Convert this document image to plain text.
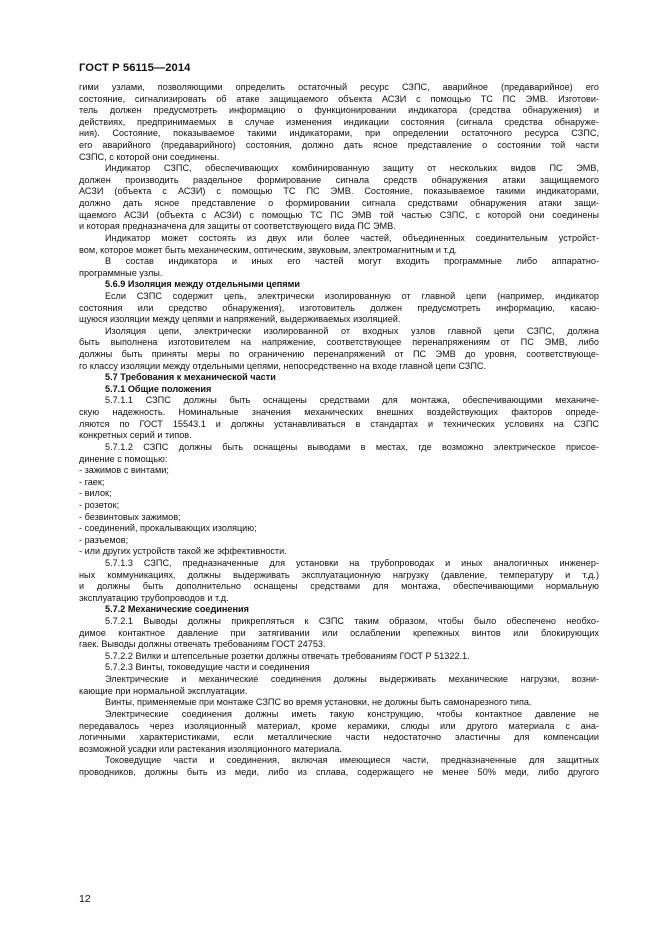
ГОСТ Р 56115—2014
гими узлами, позволяющими определить остаточный ресурс СЗПС, аварийное (предаварийное) его
состояние, сигнализировать об атаке защищаемого объекта АСЗИ с помощью ТС ПС ЭМВ. Изготови-
тель должен предусмотреть информацию о функционировании индикатора (средства обнаружения) и
действиях, предпринимаемых в случае изменения индикации состояния (сигнала средства обнаруже-
ния). Состояние, показываемое такими индикаторами, при определении остаточного ресурса СЗПС,
его аварийного (предаварийного) состояния, должно дать ясное представление о состоянии той части
СЗПС, с которой они соединены.
Индикатор СЗПС, обеспечивающих комбинированную защиту от нескольких видов ПС ЭМВ,
должен производить раздельное формирование сигнала средств обнаружения атаки защищаемого
АСЗИ (объекта с АСЗИ) с помощью ТС ПС ЭМВ. Состояние, показываемое такими индикаторами,
должно дать ясное представление о формировании сигнала средствами обнаружения атаки защи-
щаемого АСЗИ (объекта с АСЗИ) с помощью ТС ПС ЭМВ той частью СЗПС, с которой они соединены
и которая предназначена для защиты от соответствующего вида ПС ЭМВ.
Индикатор может состоять из двух или более частей, объединенных соединительным устройст-
вом, которое может быть механическим, оптическим, звуковым, электромагнитным и т.д.
В состав индикатора и иных его частей могут входить программные либо аппаратно-
программные узлы.
5.6.9 Изоляция между отдельными цепями
Если СЗПС содержит цепь, электрически изолированную от главной цепи (например, индикатор
состояния или средство обнаружения), изготовитель должен предусмотреть информацию, касаю-
щуюся изоляции между цепями и напряжений, выдерживаемых изоляцией.
Изоляция цепи, электрически изолированной от входных узлов главной цепи СЗПС, должна
быть выполнена изготовителем на напряжение, соответствующее перенапряжениям от ПС ЭМВ, либо
должны быть приняты меры по ограничению перенапряжений от ПС ЭМВ до уровня, соответствующе-
го классу изоляции между отдельными цепями, непосредственно на входе главной цепи СЗПС.
5.7 Требования к механической части
5.7.1 Общие положения
5.7.1.1 СЗПС должны быть оснащены средствами для монтажа, обеспечивающими механиче-
скую надежность. Номинальные значения механических внешних воздействующих факторов опреде-
ляются по ГОСТ 15543.1 и должны устанавливаться в стандартах и технических условиях на СЗПС
конкретных серий и типов.
5.7.1.2 СЗПС должны быть оснащены выводами в местах, где возможно электрическое присое-
динение с помощью:
- зажимов с винтами;
- гаек;
- вилок;
- розеток;
- безвинтовых зажимов;
- соединений, прокалывающих изоляцию;
- разъемов;
- или других устройств такой же эффективности.
5.7.1.3 СЗПС, предназначенные для установки на трубопроводах и иных аналогичных инженер-
ных коммуникациях, должны выдерживать эксплуатационную нагрузку (давление, температуру и т.д.)
и должны быть дополнительно оснащены средствами для монтажа, обеспечивающими нормальную
эксплуатацию трубопроводов и т.д.
5.7.2 Механические соединения
5.7.2.1 Выводы должны прикрепляться к СЗПС таким образом, чтобы было обеспечено необхо-
димое контактное давление при затягивании или ослаблении крепежных винтов или блокирующих
гаек. Выводы должны отвечать требованиям ГОСТ 24753.
5.7.2.2 Вилки и штепсельные розетки должны отвечать требованиям ГОСТ Р 51322.1.
5.7.2.3 Винты, токоведущие части и соединения
Электрические и механические соединения должны выдерживать механические нагрузки, возни-
кающие при нормальной эксплуатации.
Винты, применяемые при монтаже СЗПС во время установки, не должны быть самонарезного типа.
Электрические соединения должны иметь такую конструкцию, чтобы контактное давление не
передавалось через изоляционный материал, кроме керамики, слюды или другого материала с ана-
логичными характеристиками, если металлические части недостаточно эластичны для компенсации
возможной усадки или растекания изоляционного материала.
Токоведущие части и соединения, включая имеющиеся части, предназначенные для защитных
проводников, должны быть из меди, либо из сплава, содержащего не менее 50% меди, либо другого
12
